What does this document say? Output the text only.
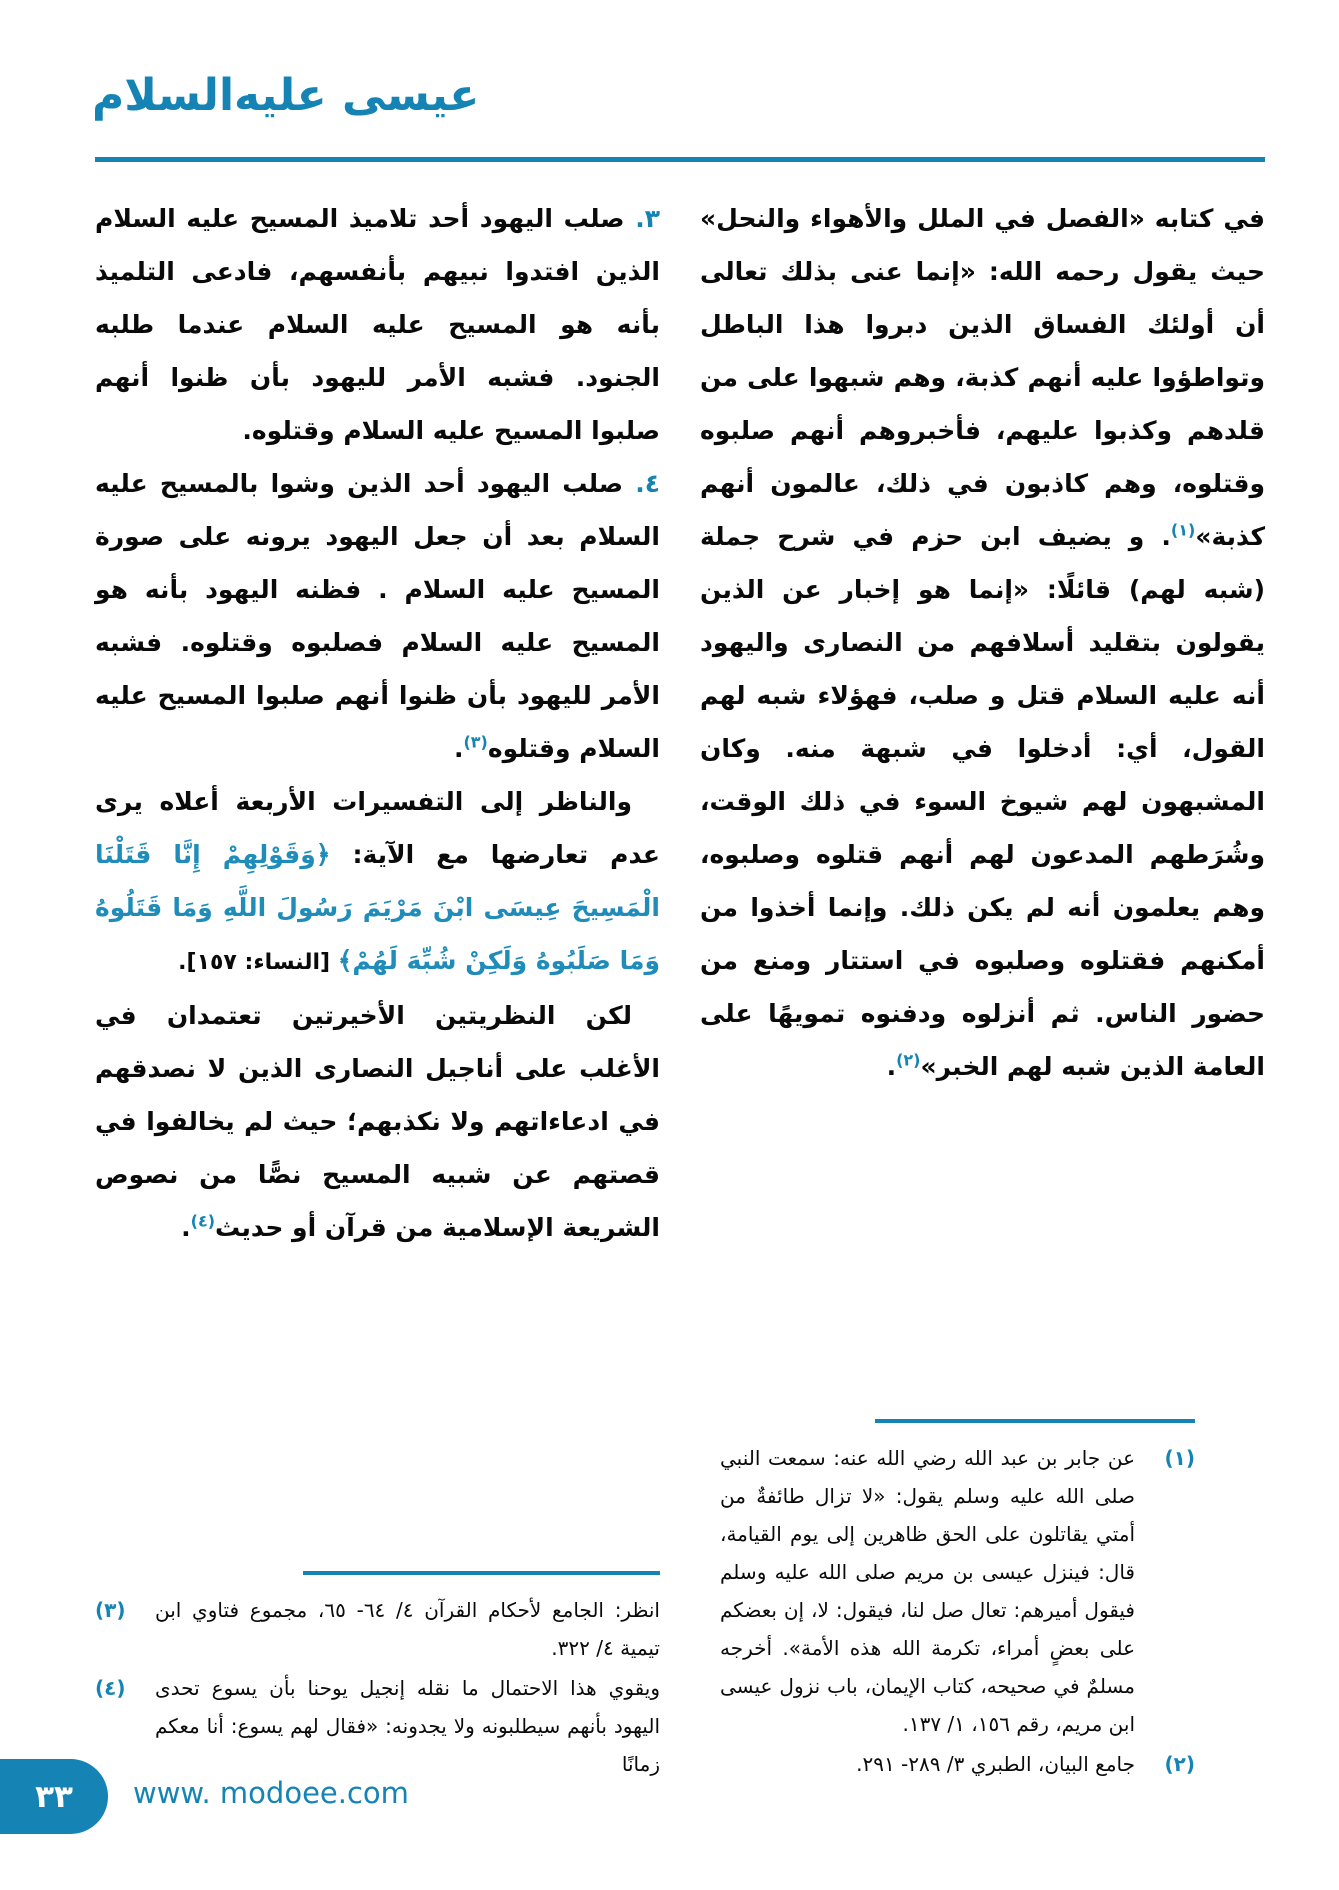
عيسى عليه‌السلام

في كتابه «الفصل في الملل والأهواء والنحل» حيث يقول رحمه الله: «إنما عنى بذلك تعالى أن أولئك الفساق الذين دبروا هذا الباطل وتواطؤوا عليه أنهم كذبة، وهم شبهوا على من قلدهم وكذبوا عليهم، فأخبروهم أنهم صلبوه وقتلوه، وهم كاذبون في ذلك، عالمون أنهم كذبة»$^{(١)}$. و يضيف ابن حزم في شرح جملة (شبه لهم) قائلًا: «إنما هو إخبار عن الذين يقولون بتقليد أسلافهم من النصارى واليهود أنه عليه السلام قتل و صلب، فهؤلاء شبه لهم القول، أي: أدخلوا في شبهة منه. وكان المشبهون لهم شيوخ السوء في ذلك الوقت، وشُرَطهم المدعون لهم أنهم قتلوه وصلبوه، وهم يعلمون أنه لم يكن ذلك. وإنما أخذوا من أمكنهم فقتلوه وصلبوه في استتار ومنع من حضور الناس. ثم أنزلوه ودفنوه تمويهًا على العامة الذين شبه لهم الخبر»$^{(٢)}$.

(١)
عن جابر بن عبد الله رضي الله عنه: سمعت النبي صلى الله عليه وسلم يقول: «لا تزال طائفةٌ من أمتي يقاتلون على الحق ظاهرين إلى يوم القيامة، قال: فينزل عيسى بن مريم صلى الله عليه وسلم فيقول أميرهم: تعال صل لنا، فيقول: لا، إن بعضكم على بعضٍ أمراء، تكرمة الله هذه الأمة». أخرجه مسلمٌ في صحيحه، كتاب الإيمان، باب نزول عيسى ابن مريم، رقم ١٥٦، ١/ ١٣٧.
(٢)
جامع البيان، الطبري ٣/ ٢٨٩- ٢٩١.

٣. صلب اليهود أحد تلاميذ المسيح عليه السلام الذين افتدوا نبيهم بأنفسهم، فادعى التلميذ بأنه هو المسيح عليه السلام عندما طلبه الجنود. فشبه الأمر لليهود بأن ظنوا أنهم صلبوا المسيح عليه السلام وقتلوه.

٤. صلب اليهود أحد الذين وشوا بالمسيح عليه السلام بعد أن جعل اليهود يرونه على صورة المسيح عليه السلام . فظنه اليهود بأنه هو المسيح عليه السلام فصلبوه وقتلوه. فشبه الأمر لليهود بأن ظنوا أنهم صلبوا المسيح عليه السلام وقتلوه$^{(٣)}$.

والناظر إلى التفسيرات الأربعة أعلاه يرى عدم تعارضها مع الآية: ﴿وَقَوْلِهِمْ إِنَّا قَتَلْنَا الْمَسِيحَ عِيسَى ابْنَ مَرْيَمَ رَسُولَ اللَّهِ وَمَا قَتَلُوهُ وَمَا صَلَبُوهُ وَلَكِنْ شُبِّهَ لَهُمْ﴾ [النساء: ١٥٧].

لكن النظريتين الأخيرتين تعتمدان في الأغلب على أناجيل النصارى الذين لا نصدقهم في ادعاءاتهم ولا نكذبهم؛ حيث لم يخالفوا في قصتهم عن شبيه المسيح نصًّا من نصوص الشريعة الإسلامية من قرآن أو حديث$^{(٤)}$.

(٣) انظر: الجامع لأحكام القرآن ٤/ ٦٤- ٦٥، مجموع فتاوي ابن تيمية ٤/ ٣٢٢.
(٤) ويقوي هذا الاحتمال ما نقله إنجيل يوحنا بأن يسوع تحدى اليهود بأنهم سيطلبونه ولا يجدونه: «فقال لهم يسوع: أنا معكم زمانًا
٣٣ www. modoee.com
